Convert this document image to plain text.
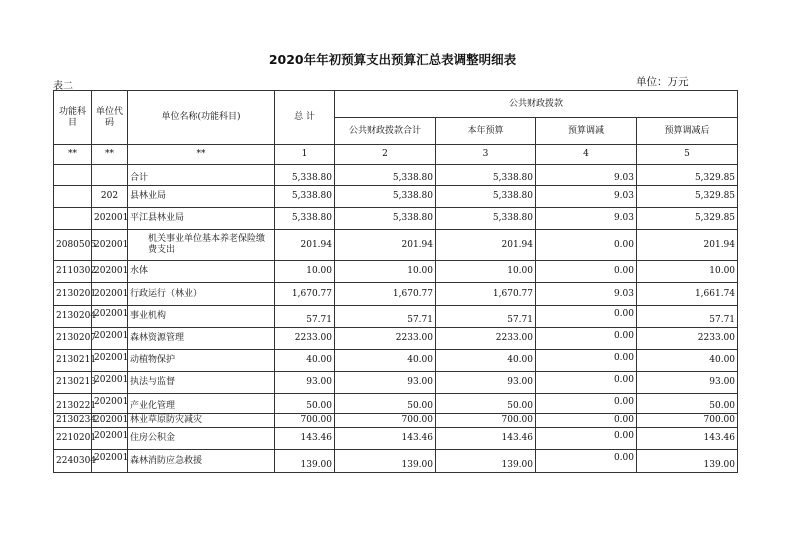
2020年年初预算支出预算汇总表调整明细表
表二	单位：万元
功能科目	单位代码	单位名称(功能科目)	总 计	公共财政拨款			
				公共财政拨款合计	本年预算	预算调减	预算调减后
**	**	**	1	2	3	4	5
		合计	5,338.80	5,338.80	5,338.80	9.03	5,329.85
	202	县林业局	5,338.80	5,338.80	5,338.80	9.03	5,329.85
	202001	平江县林业局	5,338.80	5,338.80	5,338.80	9.03	5,329.85
2080505	202001	机关事业单位基本养老保险缴费支出	201.94	201.94	201.94	0.00	201.94
2110302	202001	水体	10.00	10.00	10.00	0.00	10.00
2130201	202001	行政运行（林业）	1,670.77	1,670.77	1,670.77	9.03	1,661.74
2130204	202001	事业机构	57.71	57.71	57.71	0.00	57.71
2130207	202001	森林资源管理	2233.00	2233.00	2233.00	0.00	2233.00
2130211	202001	动植物保护	40.00	40.00	40.00	0.00	40.00
2130213	202001	执法与监督	93.00	93.00	93.00	0.00	93.00
2130221	202001	产业化管理	50.00	50.00	50.00	0.00	50.00
2130234	202001	林业草原防灾减灾	700.00	700.00	700.00	0.00	700.00
2210201	202001	住房公积金	143.46	143.46	143.46	0.00	143.46
2240304	202001	森林消防应急救援	139.00	139.00	139.00	0.00	139.00
